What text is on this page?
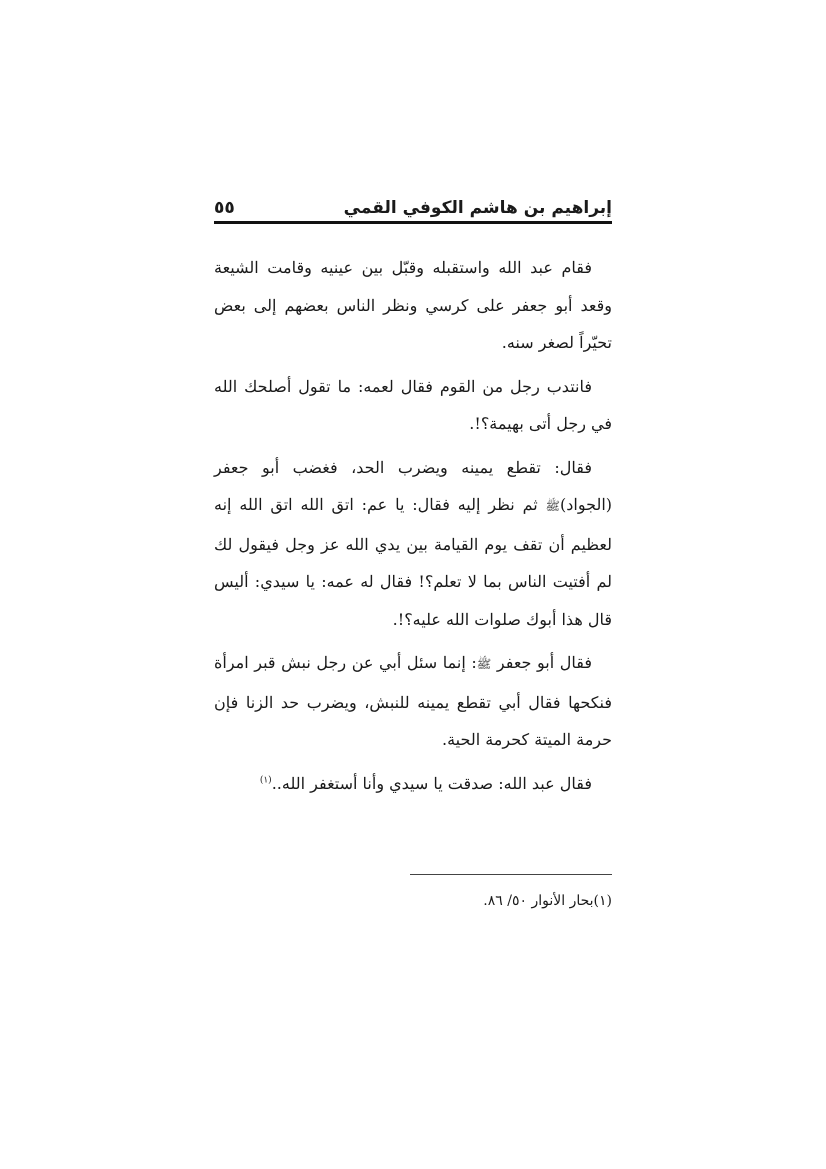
إبراهيم بن هاشم الكوفي القمي
٥٥

فقام عبد الله واستقبله وقبّل بين عينيه وقامت الشيعة وقعد أبو جعفر على كرسي ونظر الناس بعضهم إلى بعض تحيّراً لصغر سنه.

فانتدب رجل من القوم فقال لعمه: ما تقول أصلحك الله في رجل أتى بهيمة؟!.

فقال: تقطع يمينه ويضرب الحد، فغضب أبو جعفر (الجواد)ﷺ ثم نظر إليه فقال: يا عم: اتق الله اتق الله إنه لعظيم أن تقف يوم القيامة بين يدي الله عز وجل فيقول لك لم أفتيت الناس بما لا تعلم؟! فقال له عمه: يا سيدي: أليس قال هذا أبوك صلوات الله عليه؟!.

فقال أبو جعفر ﷺ: إنما سئل أبي عن رجل نبش قبر امرأة فنكحها فقال أبي تقطع يمينه للنبش، ويضرب حد الزنا فإن حرمة الميتة كحرمة الحية.

فقال عبد الله: صدقت يا سيدي وأنا أستغفر الله..$^{(١)}$

(١)بحار الأنوار ٥٠/ ٨٦.
